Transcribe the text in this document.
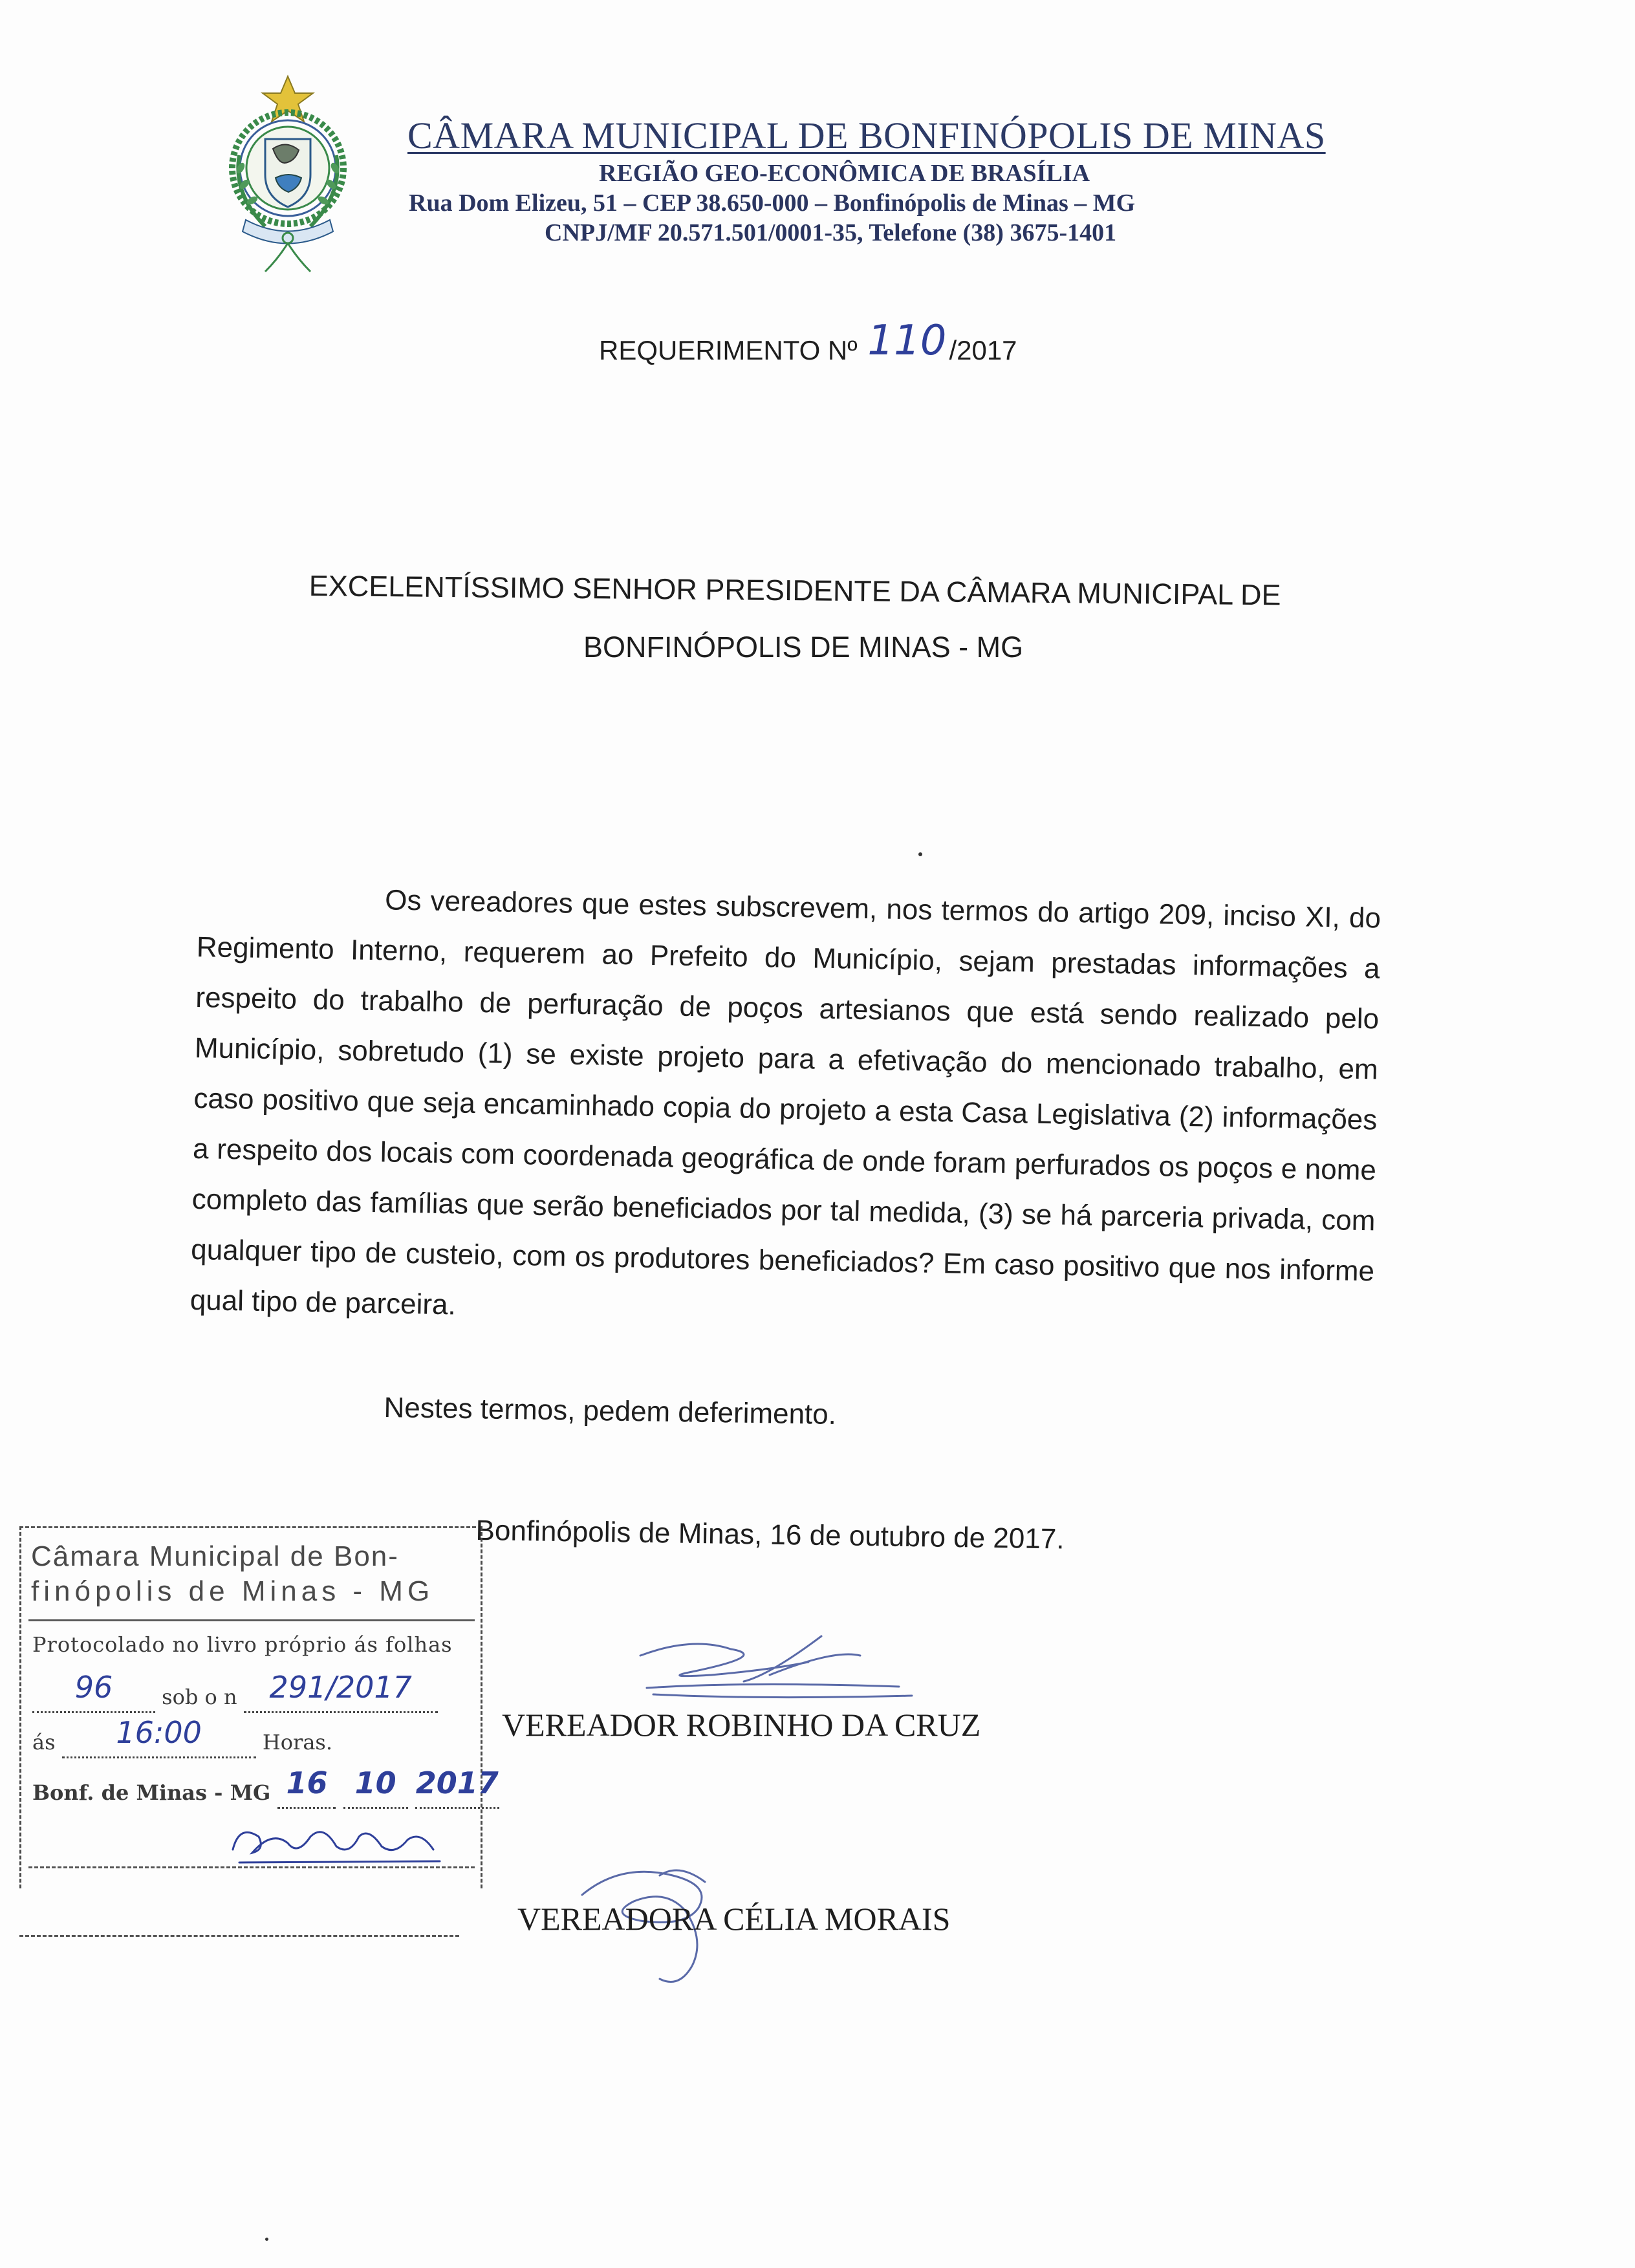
CÂMARA MUNICIPAL DE BONFINÓPOLIS DE MINAS
REGIÃO GEO-ECONÔMICA DE BRASÍLIA
Rua Dom Elizeu, 51 – CEP 38.650-000 – Bonfinópolis de Minas – MG
CNPJ/MF 20.571.501/0001-35, Telefone (38) 3675-1401
REQUERIMENTO Nº 110/2017
EXCELENTÍSSIMO SENHOR PRESIDENTE DA CÂMARA MUNICIPAL DE
BONFINÓPOLIS DE MINAS - MG

Os vereadores que estes subscrevem, nos termos do artigo 209, inciso XI, do Regimento Interno, requerem ao Prefeito do Município, sejam prestadas informações a respeito do trabalho de perfuração de poços artesianos que está sendo realizado pelo Município, sobretudo (1) se existe projeto para a efetivação do mencionado trabalho, em caso positivo que seja encaminhado copia do projeto a esta Casa Legislativa (2) informações a respeito dos locais com coordenada geográfica de onde foram perfurados os poços e nome completo das famílias que serão beneficiados por tal medida, (3) se há parceria privada, com qualquer tipo de custeio, com os produtores beneficiados? Em caso positivo que nos informe qual tipo de parceira.

Nestes termos, pedem deferimento.
Bonfinópolis de Minas, 16 de outubro de 2017.
VEREADOR ROBINHO DA CRUZ
VEREADORA CÉLIA MORAIS
Câmara Municipal de Bon-
finópolis de Minas - MG
Protocolado no livro próprio ás folhas
96 sob o n 291/2017
ás 16:00	Horas.
Bonf. de Minas - MG 16 10 2017
